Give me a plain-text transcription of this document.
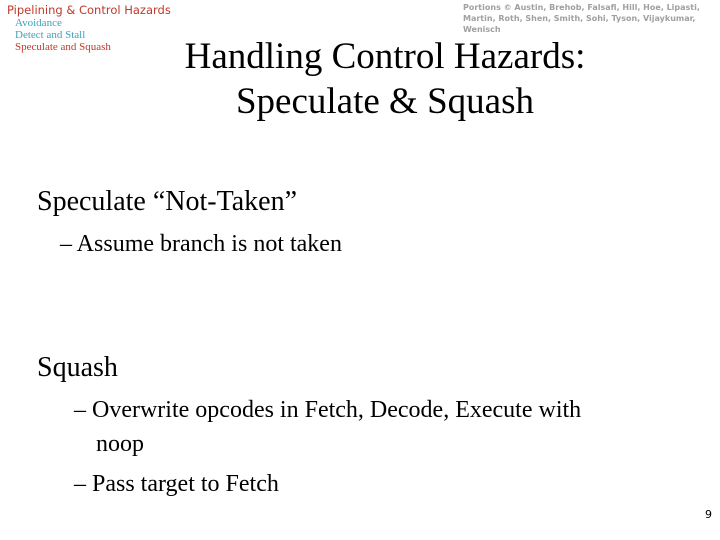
Pipelining & Control Hazards
Avoidance
Detect and Stall
Speculate and Squash
Portions © Austin, Brehob, Falsafi, Hill, Hoe, Lipasti, Martin, Roth, Shen, Smith, Sohi, Tyson, Vijaykumar, Wenisch
Handling Control Hazards:
Speculate & Squash
Speculate “Not-Taken”
– Assume branch is not taken
Squash
– Overwrite opcodes in Fetch, Decode, Execute with
noop
– Pass target to Fetch
9
